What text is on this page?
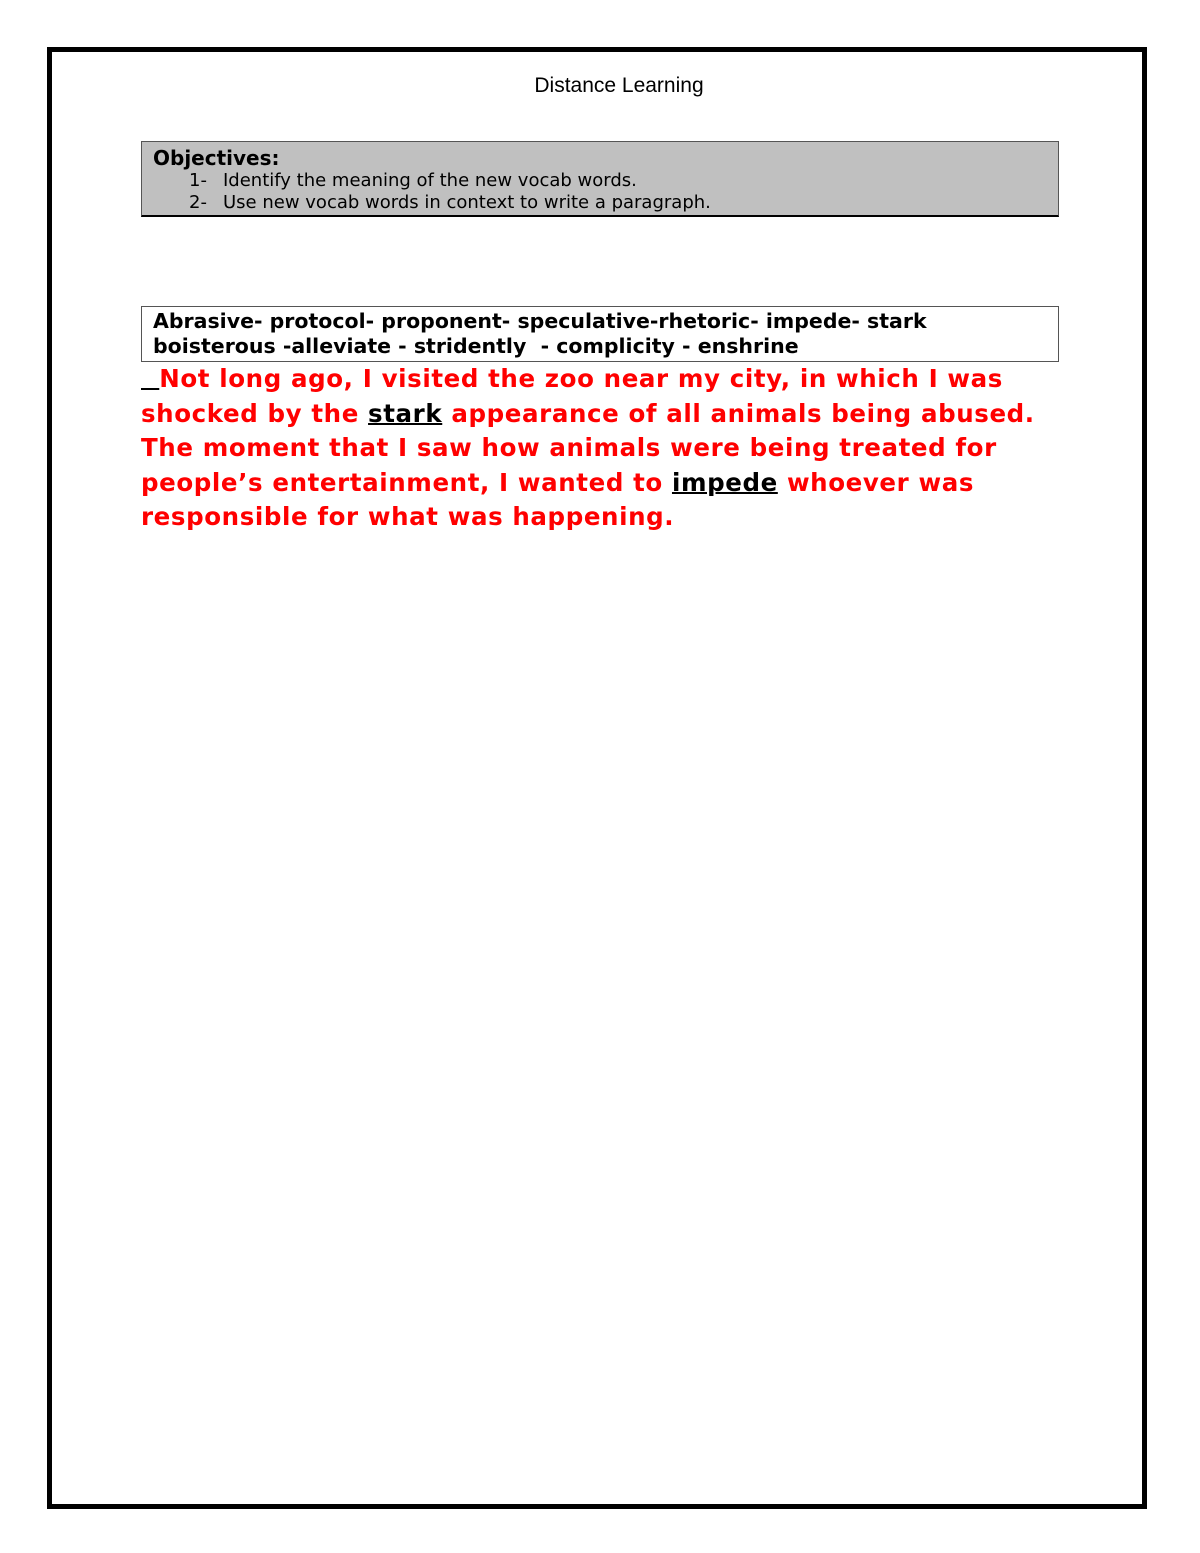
Distance Learning
Objectives:
1- Identify the meaning of the new vocab words.
2- Use new vocab words in context to write a paragraph.
Abrasive- protocol- proponent- speculative-rhetoric- impede- stark
boisterous -alleviate - stridently  - complicity - enshrine

Not long ago, I visited the zoo near my city, in which I was shocked by the stark appearance of all animals being abused. The moment that I saw how animals were being treated for people’s entertainment, I wanted to impede whoever was responsible for what was happening.
